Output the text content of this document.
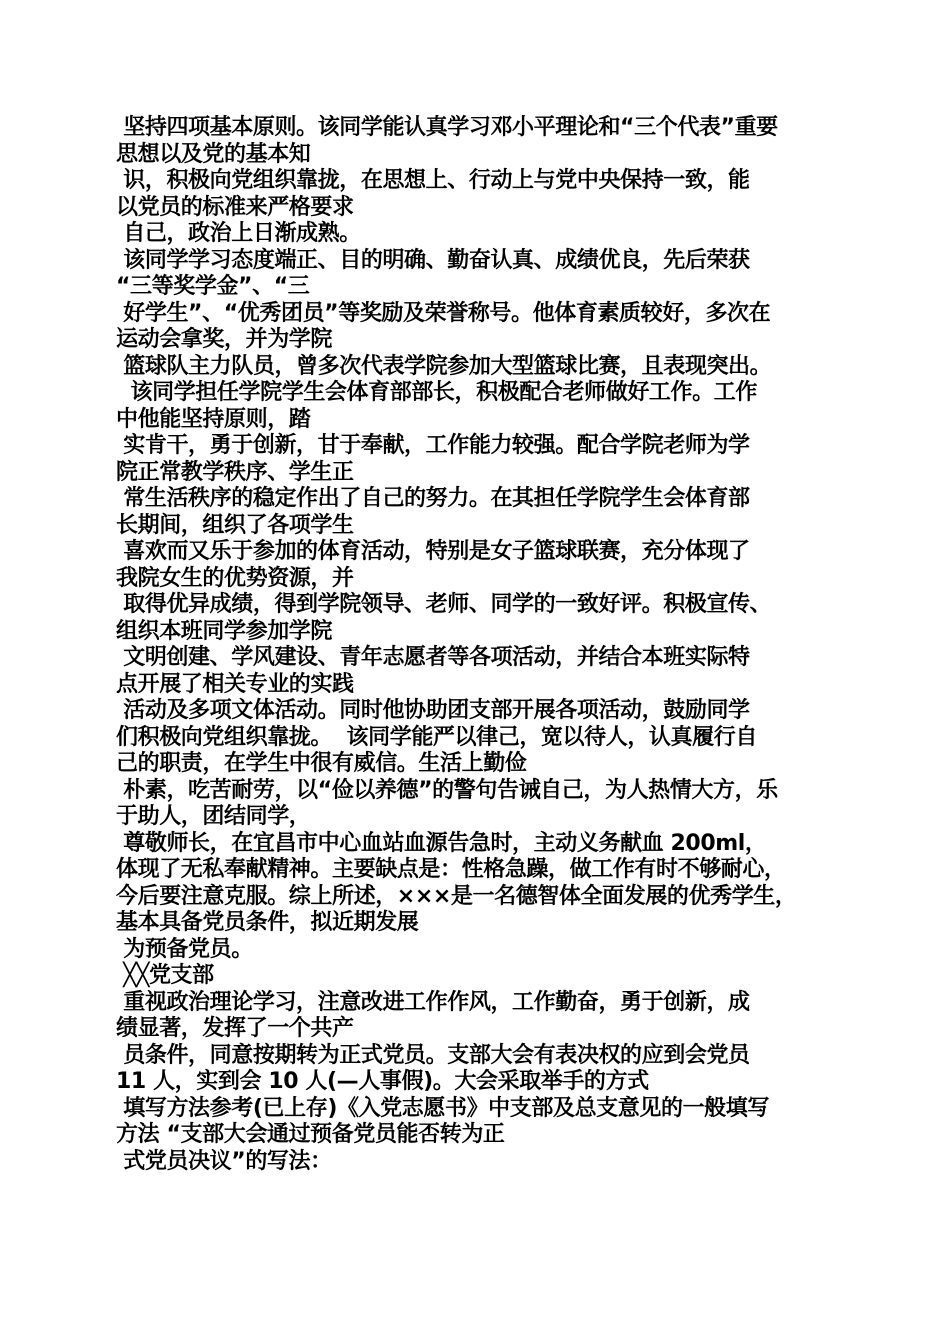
坚持四项基本原则。该同学能认真学习邓小平理论和“三个代表”重要
思想以及党的基本知
识，积极向党组织靠拢，在思想上、行动上与党中央保持一致，能
以党员的标准来严格要求
自己，政治上日渐成熟。
该同学学习态度端正、目的明确、勤奋认真、成绩优良，先后荣获
“三等奖学金”、“三
好学生”、“优秀团员”等奖励及荣誉称号。他体育素质较好，多次在
运动会拿奖，并为学院
篮球队主力队员，曾多次代表学院参加大型篮球比赛，且表现突出。
该同学担任学院学生会体育部部长，积极配合老师做好工作。工作
中他能坚持原则，踏
实肯干，勇于创新，甘于奉献，工作能力较强。配合学院老师为学
院正常教学秩序、学生正
常生活秩序的稳定作出了自己的努力。在其担任学院学生会体育部
长期间，组织了各项学生
喜欢而又乐于参加的体育活动，特别是女子篮球联赛，充分体现了
我院女生的优势资源，并
取得优异成绩，得到学院领导、老师、同学的一致好评。积极宣传、
组织本班同学参加学院
文明创建、学风建设、青年志愿者等各项活动，并结合本班实际特
点开展了相关专业的实践
活动及多项文体活动。同时他协助团支部开展各项活动，鼓励同学
们积极向党组织靠拢。  该同学能严以律己，宽以待人，认真履行自
己的职责，在学生中很有威信。生活上勤俭
朴素，吃苦耐劳，以“俭以养德”的警句告诫自己，为人热情大方，乐
于助人，团结同学，
尊敬师长，在宜昌市中心血站血源告急时，主动义务献血 200ml，
体现了无私奉献精神。主要缺点是：性格急躁，做工作有时不够耐心，
今后要注意克服。综上所述，×××是一名德智体全面发展的优秀学生，
基本具备党员条件，拟近期发展
为预备党员。
╳╳党支部
重视政治理论学习，注意改进工作作风，工作勤奋，勇于创新，成
绩显著，发挥了一个共产
员条件，同意按期转为正式党员。支部大会有表决权的应到会党员
11 人，实到会 10 人(—人事假)。大会采取举手的方式
填写方法参考(已上存)《入党志愿书》中支部及总支意见的一般填写
方法 “支部大会通过预备党员能否转为正
式党员决议”的写法：
